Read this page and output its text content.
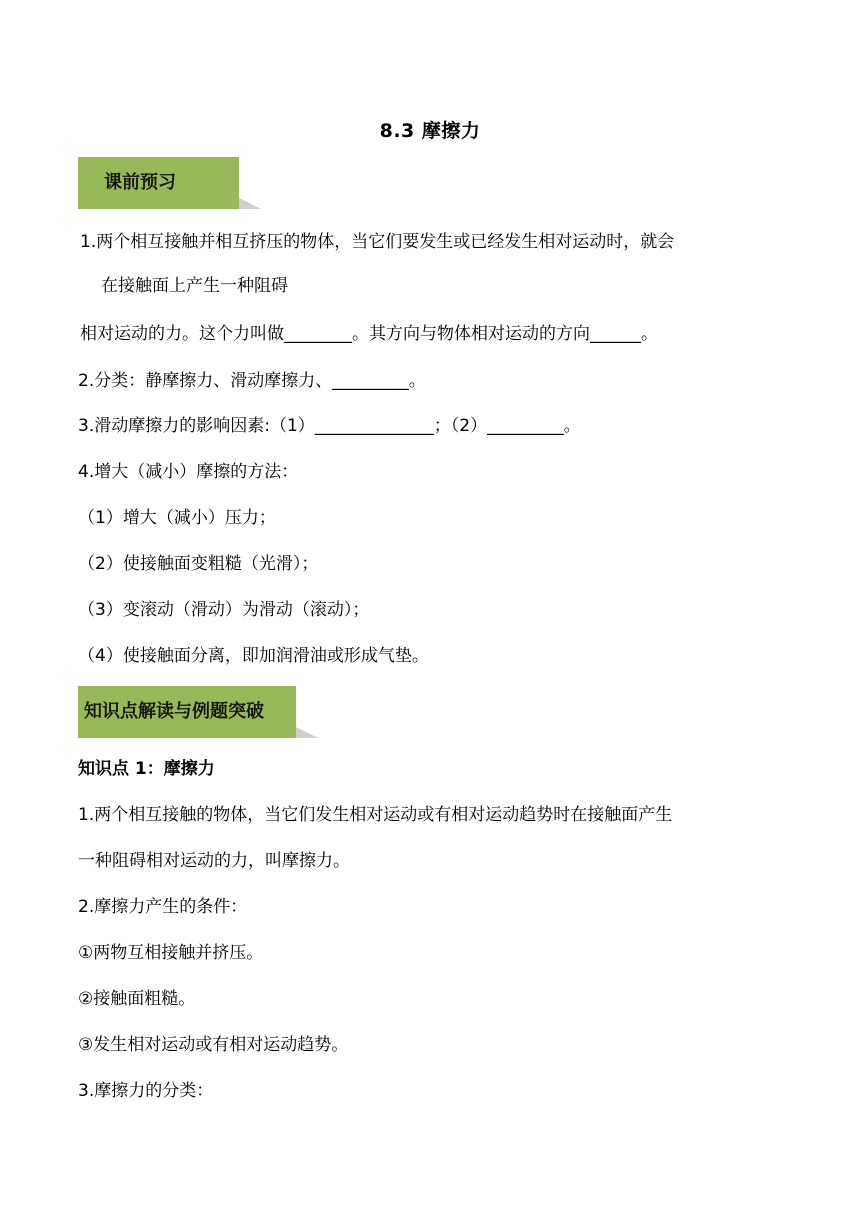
8.3 摩擦力
课前预习
1.两个相互接触并相互挤压的物体，当它们要发生或已经发生相对运动时，就会
在接触面上产生一种阻碍
相对运动的力。这个力叫做________。其方向与物体相对运动的方向______。
2.分类：静摩擦力、滑动摩擦力、_________。
3.滑动摩擦力的影响因素:（1）______________；（2）_________。
4.增大（减小）摩擦的方法：
（1）增大（减小）压力；
（2）使接触面变粗糙（光滑）；
（3）变滚动（滑动）为滑动（滚动）；
（4）使接触面分离，即加润滑油或形成气垫。
知识点解读与例题突破
知识点 1：摩擦力
1.两个相互接触的物体，当它们发生相对运动或有相对运动趋势时在接触面产生
一种阻碍相对运动的力，叫摩擦力。
2.摩擦力产生的条件：
①两物互相接触并挤压。
②接触面粗糙。
③发生相对运动或有相对运动趋势。
3.摩擦力的分类：
